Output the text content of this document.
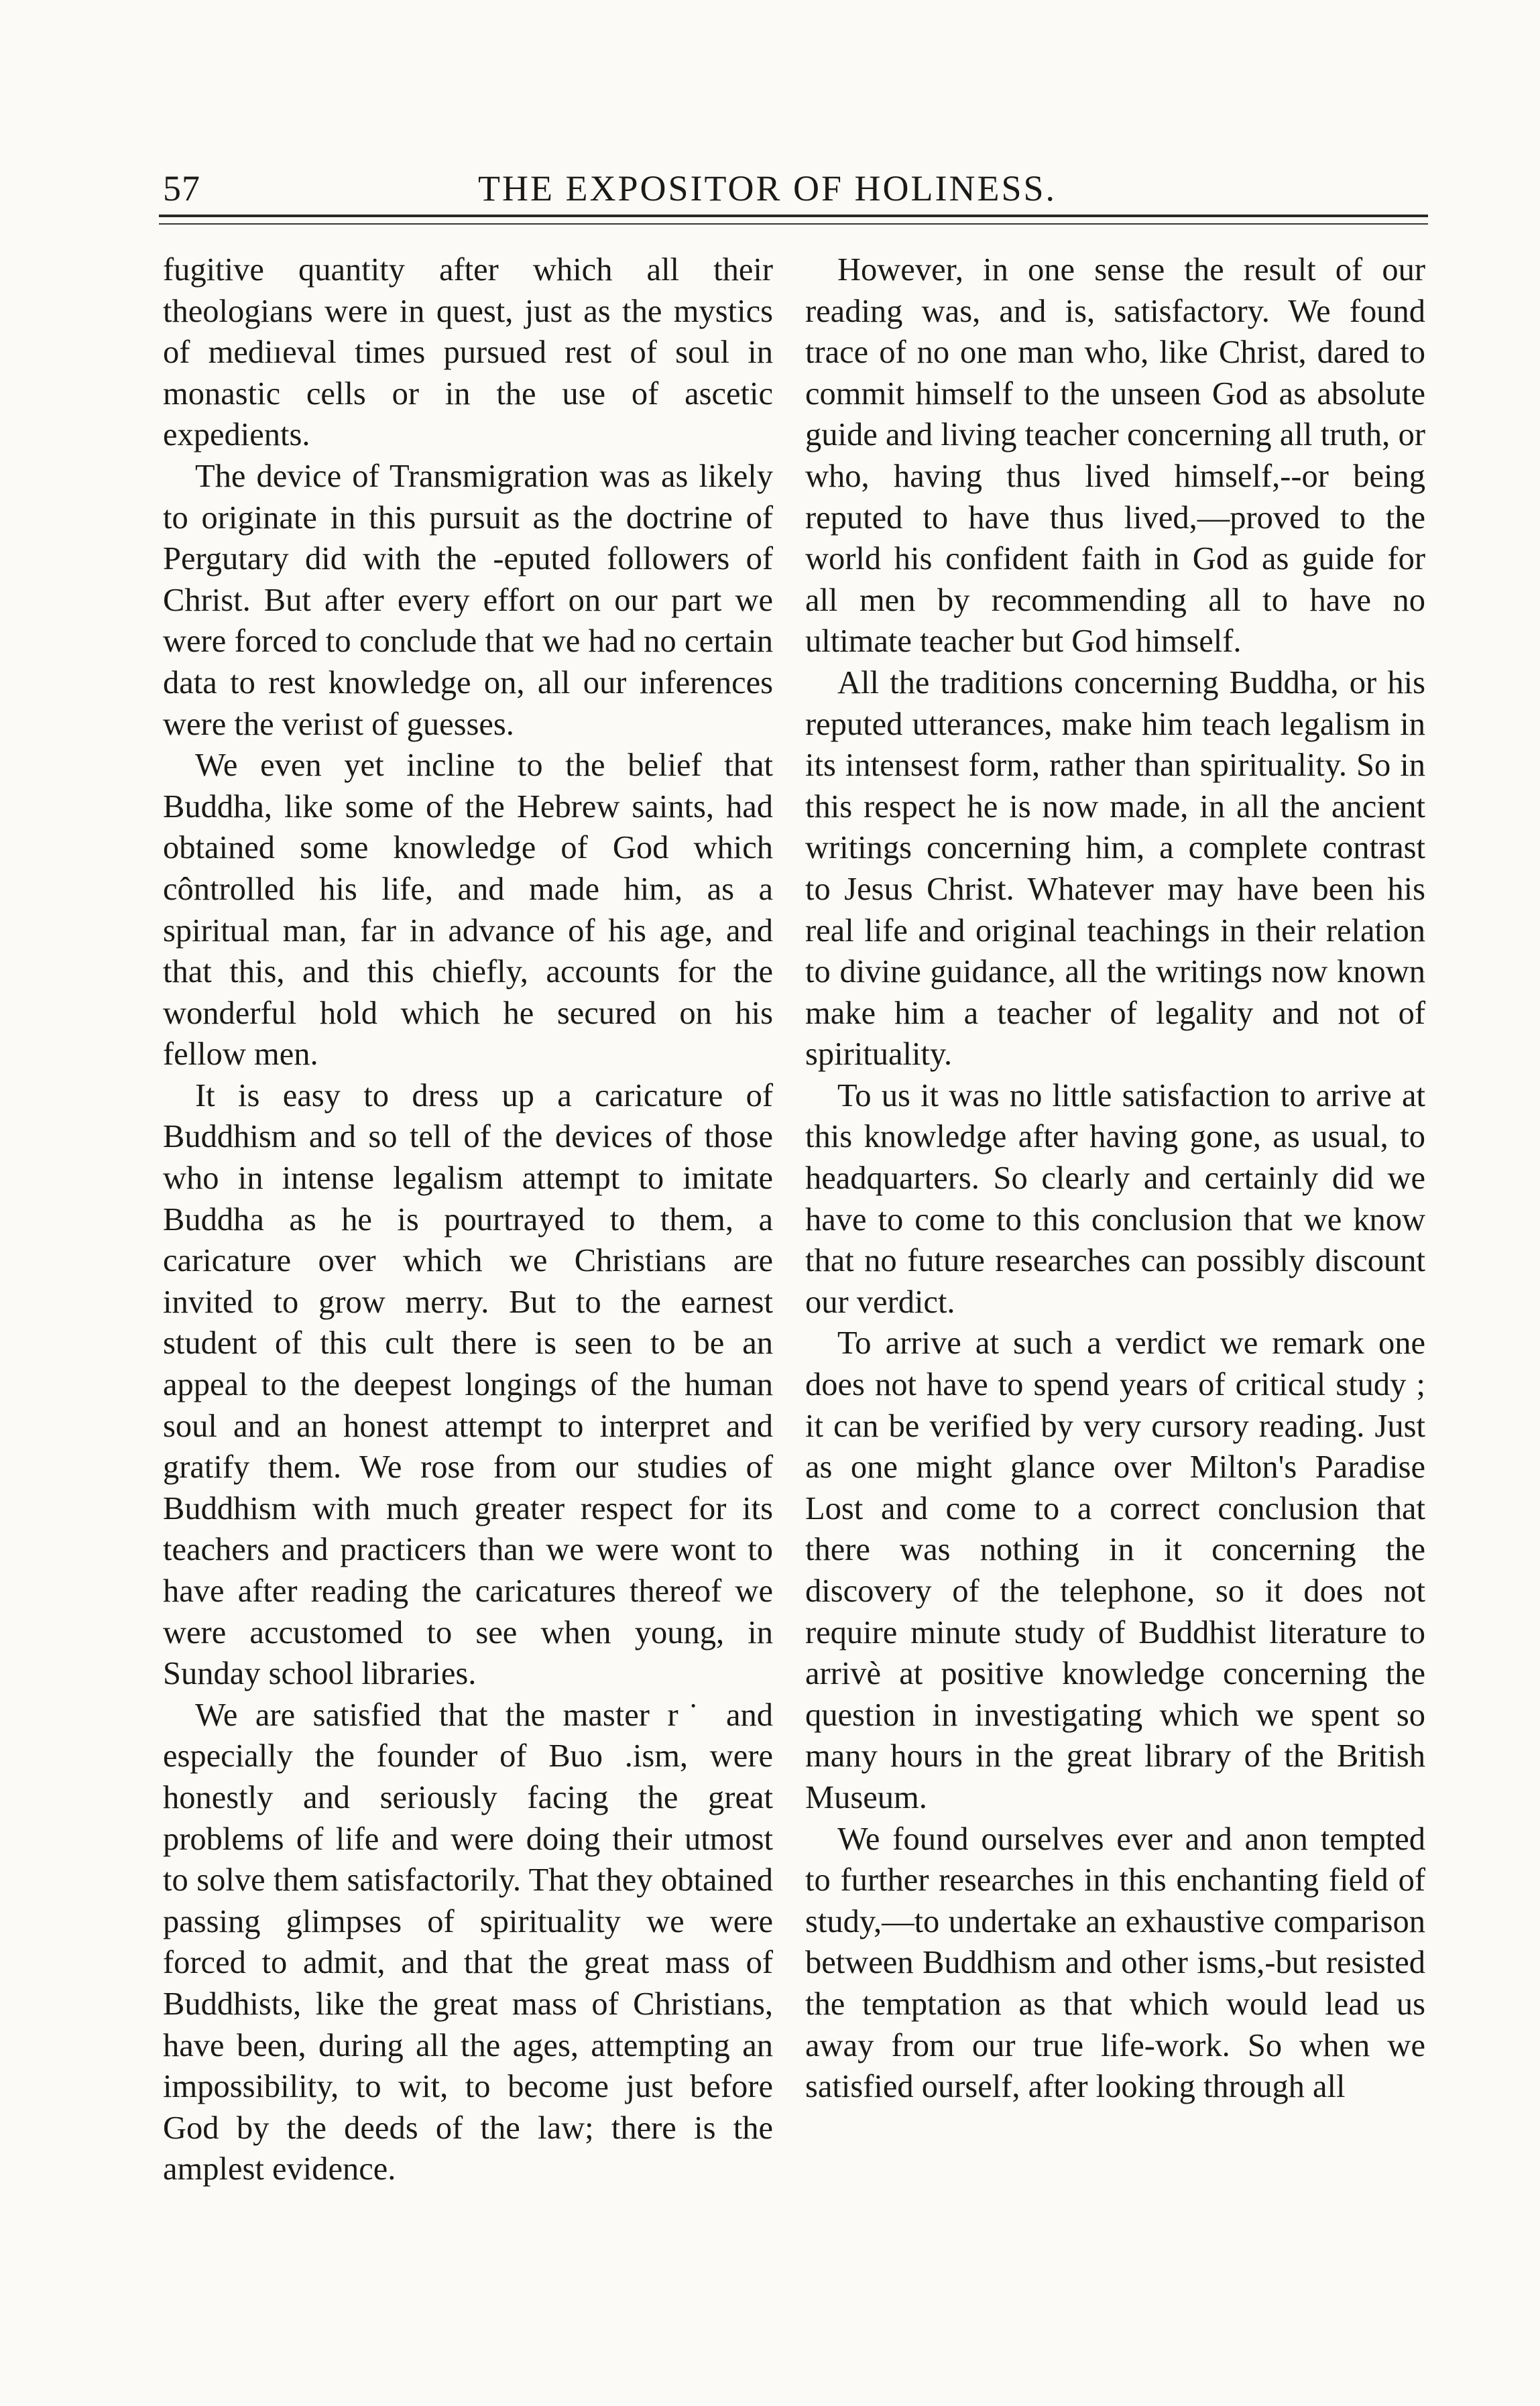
57	THE EXPOSITOR OF HOLINESS.

fugitive quantity after which all their theologians were in quest, just as the mystics of mediıeval times pursued rest of soul in monastic cells or in the use of ascetic expedients.

The device of Transmigration was as likely to originate in this pursuit as the doctrine of Pergutary did with the -eputed followers of Christ. But after every effort on our part we were forced to conclude that we had no certain data to rest knowledge on, all our inferences were the veriıst of guesses.

We even yet incline to the belief that Buddha, like some of the Hebrew saints, had obtained some knowledge of God which côntrolled his life, and made him, as a spiritual man, far in advance of his age, and that this, and this chiefly, accounts for the wonderful hold which he secured on his fellow men.

It is easy to dress up a caricature of Buddhism and so tell of the devices of those who in intense legalism attempt to imitate Buddha as he is pourtrayed to them, a caricature over which we Christians are invited to grow merry. But to the earnest student of this cult there is seen to be an appeal to the deepest longings of the human soul and an honest attempt to interpret and gratify them. We rose from our studies of Buddhism with much greater respect for its teachers and practicers than we were wont to have after reading the caricatures thereof we were accustomed to see when young, in Sunday school libraries.

We are satisfied that the master r˙ and especially the founder of Buo .ism, were honestly and seriously facing the great problems of life and were doing their utmost to solve them satisfactorily. That they obtained passing glimpses of spirituality we were forced to admit, and that the great mass of Buddhists, like the great mass of Christians, have been, during all the ages, attempting an impossibility, to wit, to become just before God by the deeds of the law; there is the amplest evidence.

However, in one sense the result of our reading was, and is, satisfactory. We found trace of no one man who, like Christ, dared to commit himself to the unseen God as absolute guide and living teacher concerning all truth, or who, having thus lived himself,--or being reputed to have thus lived,—proved to the world his confident faith in God as guide for all men by recommending all to have no ultimate teacher but God himself.

All the traditions concerning Buddha, or his reputed utterances, make him teach legalism in its intensest form, rather than spirituality. So in this respect he is now made, in all the ancient writings concerning him, a complete contrast to Jesus Christ. Whatever may have been his real life and original teachings in their relation to divine guidance, all the writings now known make him a teacher of legality and not of spirituality.

To us it was no little satisfaction to arrive at this knowledge after having gone, as usual, to headquarters. So clearly and certainly did we have to come to this conclusion that we know that no future researches can possibly discount our verdict.

To arrive at such a verdict we remark one does not have to spend years of critical study ; it can be verified by very cursory reading. Just as one might glance over Milton's Paradise Lost and come to a correct conclusion that there was nothing in it concerning the discovery of the telephone, so it does not require minute study of Buddhist literature to arrivè at positive knowledge concerning the question in investigating which we spent so many hours in the great library of the British Museum.

We found ourselves ever and anon tempted to further researches in this enchanting field of study,—to undertake an exhaustive comparison between Buddhism and other isms,-but resisted the temptation as that which would lead us away from our true life-work. So when we satisfied ourself, after looking through all
